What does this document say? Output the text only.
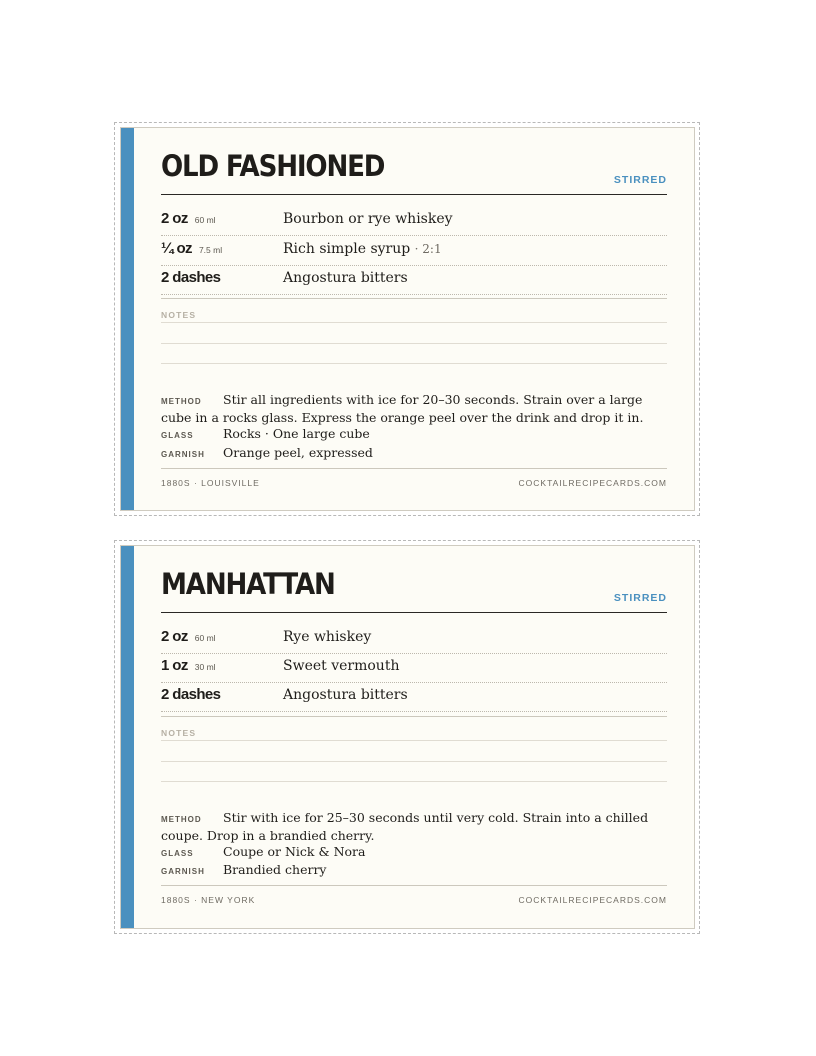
OLD FASHIONED	STIRRED
2 oz 60 ml	Bourbon or rye whiskey
¼ oz 7.5 ml	Rich simple syrup · 2:1
2 dashes	Angostura bitters
NOTES
METHOD Stir all ingredients with ice for 20–30 seconds. Strain over a large cube in a rocks glass. Express the orange peel over the drink and drop it in.
GLASS Rocks · One large cube
GARNISH Orange peel, expressed
1880S · LOUISVILLE	COCKTAILRECIPECARDS.COM
MANHATTAN	STIRRED
2 oz 60 ml	Rye whiskey
1 oz 30 ml	Sweet vermouth
2 dashes	Angostura bitters
NOTES
METHOD Stir with ice for 25–30 seconds until very cold. Strain into a chilled coupe. Drop in a brandied cherry.
GLASS Coupe or Nick & Nora
GARNISH Brandied cherry
1880S · NEW YORK	COCKTAILRECIPECARDS.COM
